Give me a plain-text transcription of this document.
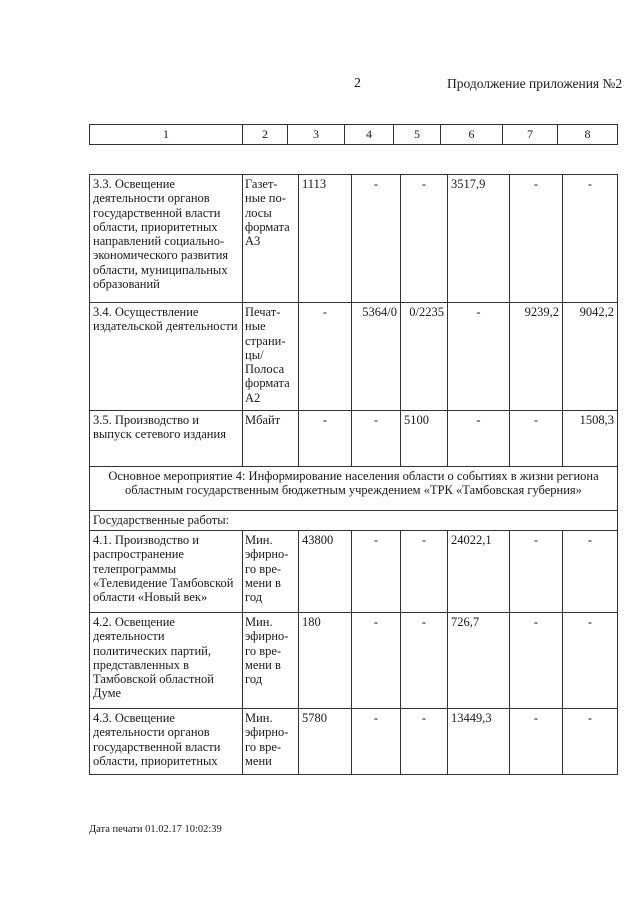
2	Продолжение приложения №2
1	2	3	4	5	6	7	8
3.3. Освещение деятельности органов государственной власти области, приоритетных направлений социально-экономического развития области, муниципальных образований	Газет-ные по-лосы формата А3	1113	-	-	3517,9	-	-
3.4. Осуществление издательской деятельности	Печат-ные страни-цы/ Полоса формата А2	-	5364/0	0/2235	-	9239,2	9042,2
3.5. Производство и выпуск сетевого издания	Мбайт	-	-	5100	-	-	1508,3
Основное мероприятие 4: Информирование населения области о событиях в жизни региона областным государственным бюджетным учреждением «ТРК «Тамбовская губерния»							
Государственные работы:							
4.1. Производство и распространение телепрограммы «Телевидение Тамбовской области «Новый век»	Мин. эфирно-го вре-мени в год	43800	-	-	24022,1	-	-
4.2. Освещение деятельности политических партий, представленных в Тамбовской областной Думе	Мин. эфирно-го вре-мени в год	180	-	-	726,7	-	-
4.3. Освещение деятельности органов государственной власти области, приоритетных	Мин. эфирно-го вре-мени	5780	-	-	13449,3	-	-
Дата печати 01.02.17 10:02:39
